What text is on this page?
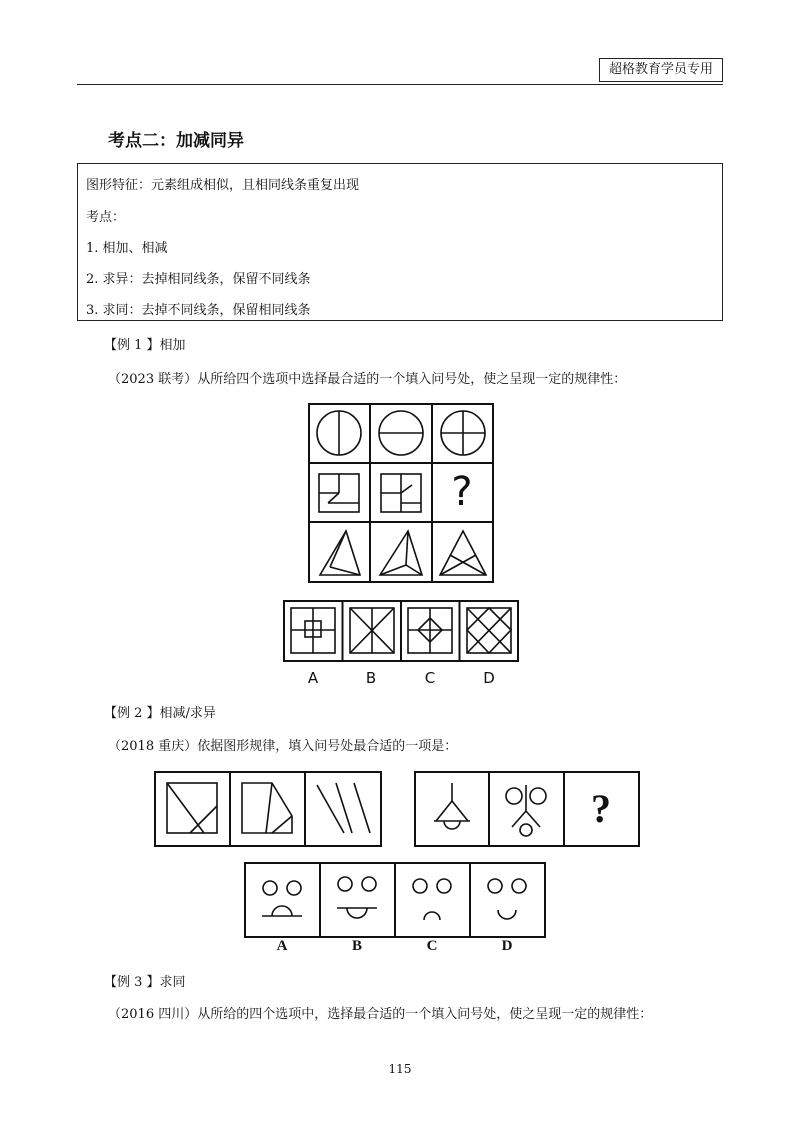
超格教育学员专用
考点二：加减同异
图形特征：元素组成相似，且相同线条重复出现
考点：
1. 相加、相减
2. 求异：去掉相同线条，保留不同线条
3. 求同：去掉不同线条，保留相同线条
【例 1 】相加
（2023 联考）从所给四个选项中选择最合适的一个填入问号处，使之呈现一定的规律性：
?
A	B	C	D
【例 2 】相减/求异
（2018 重庆）依据图形规律，填入问号处最合适的一项是：
?
A	B	C	D
【例 3 】求同
（2016 四川）从所给的四个选项中，选择最合适的一个填入问号处，使之呈现一定的规律性：
115
